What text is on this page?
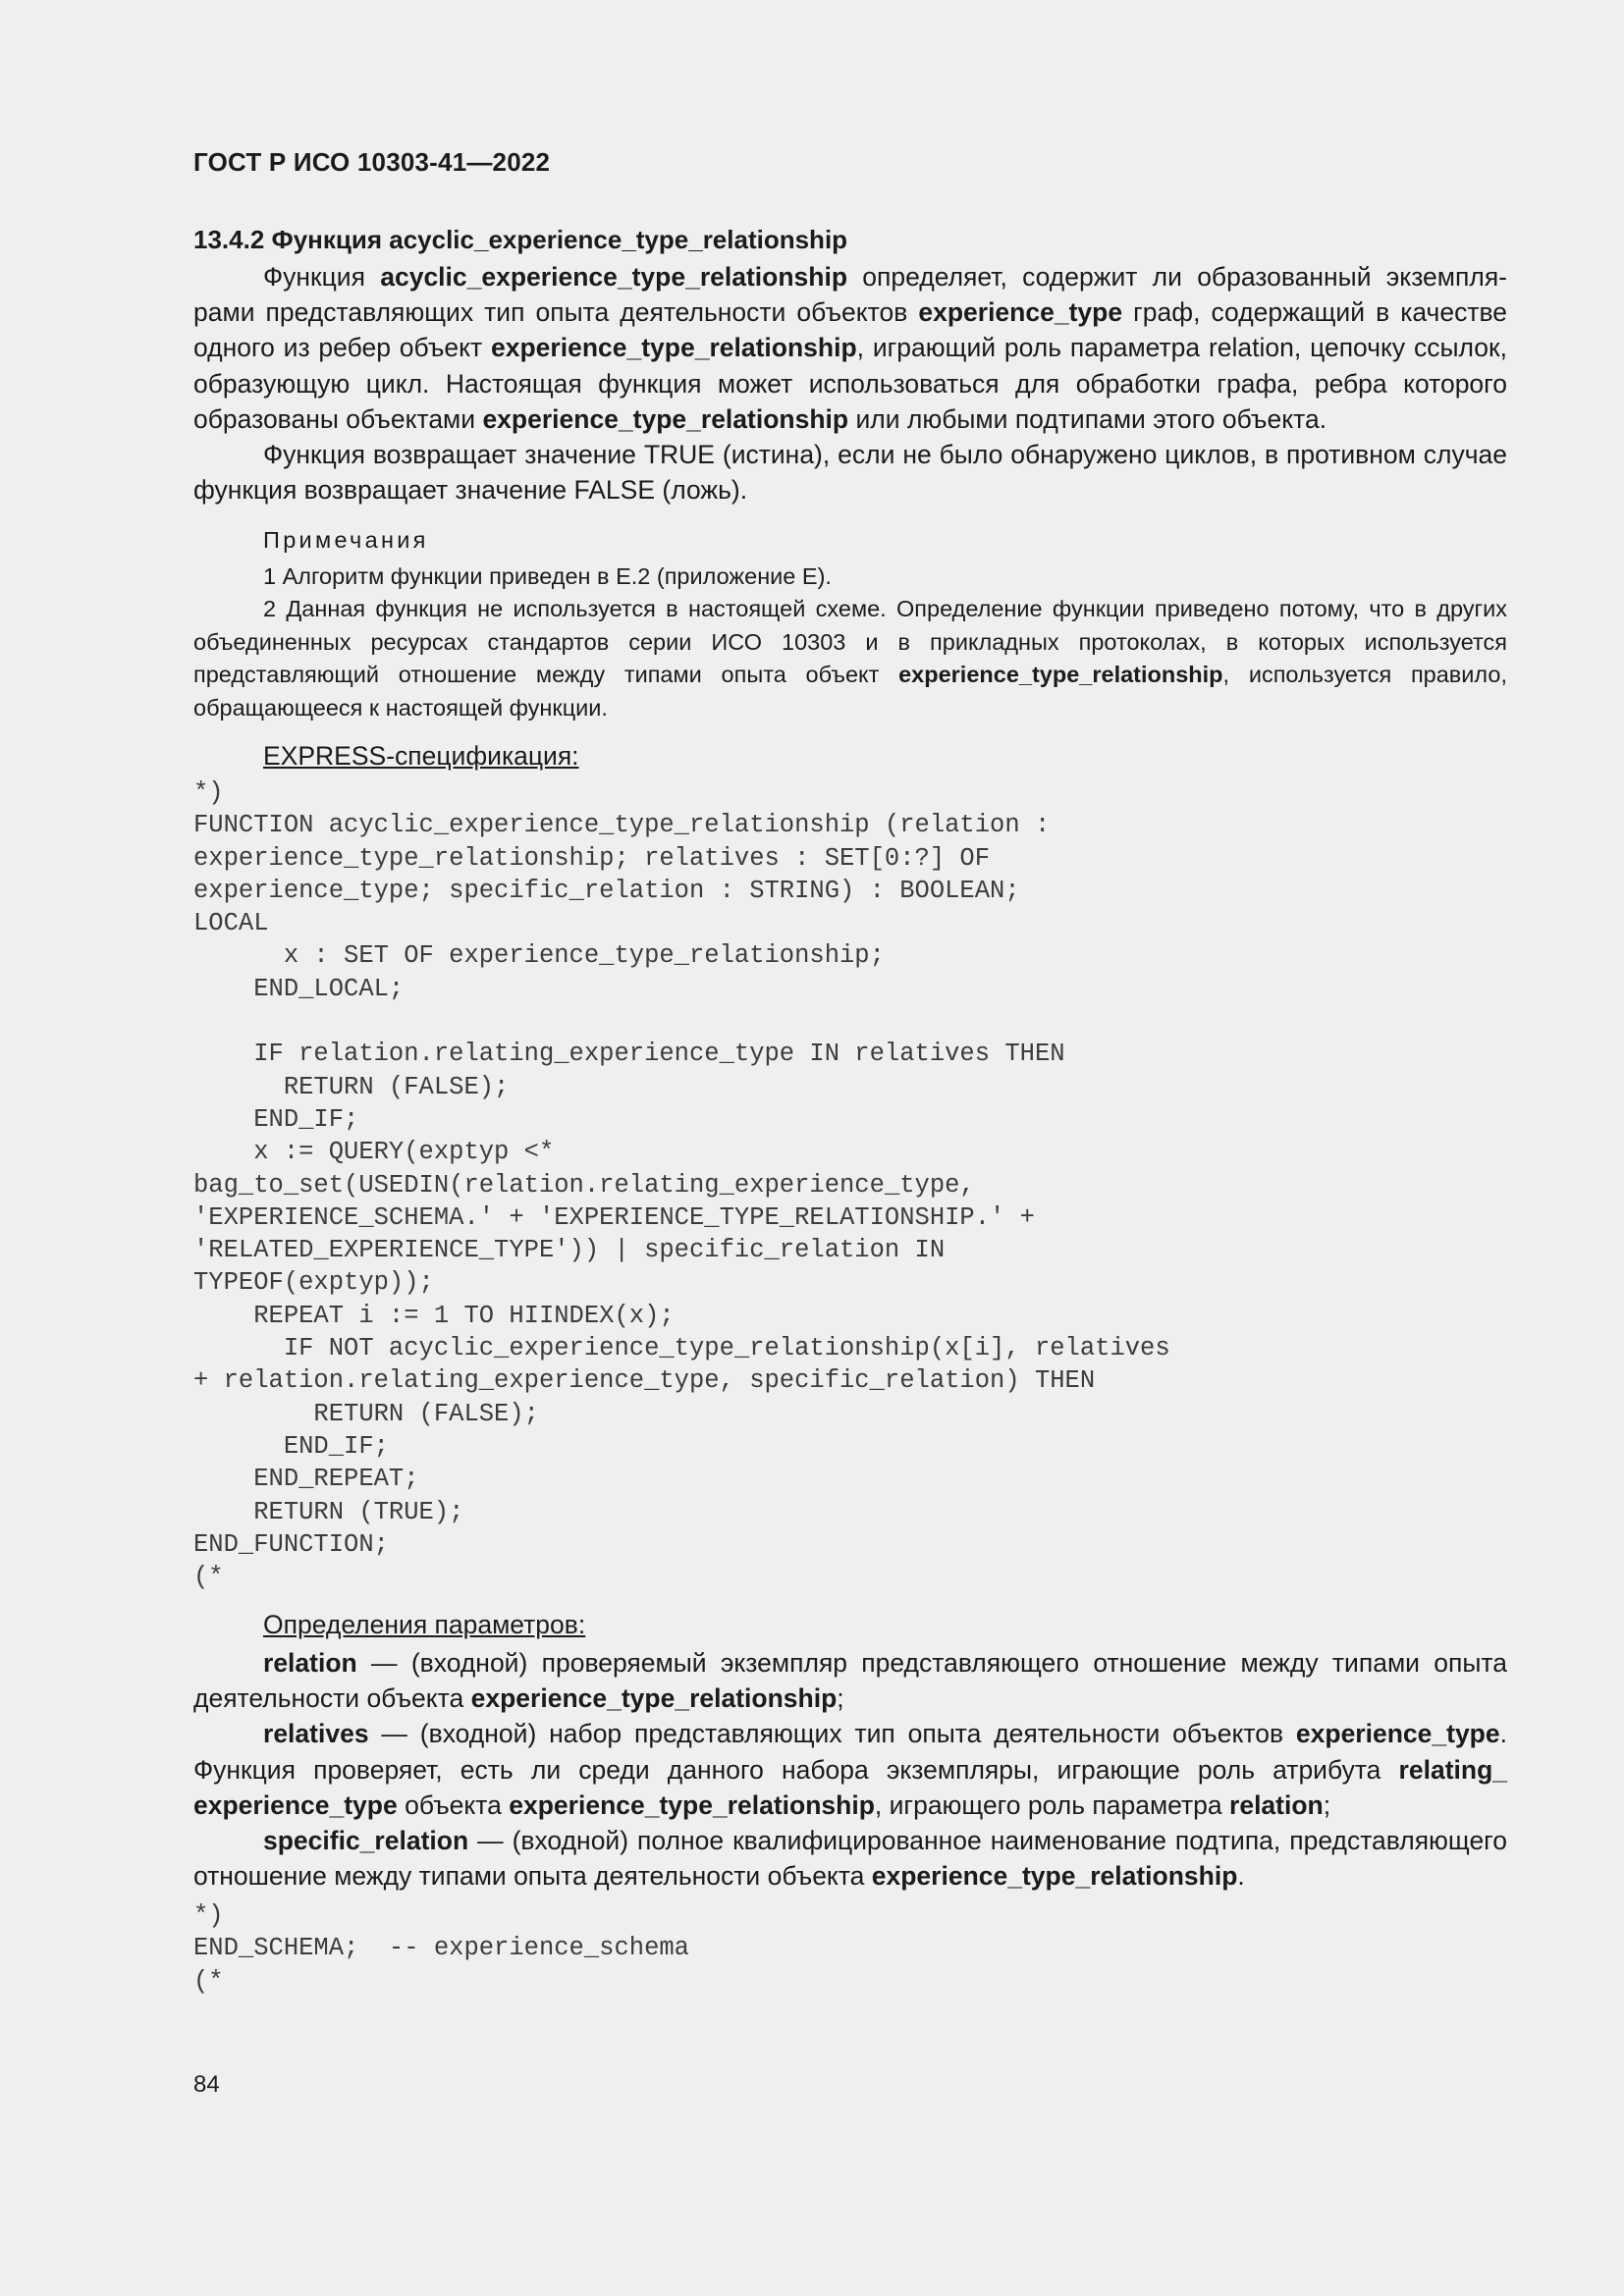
ГОСТ Р ИСО 10303-41—2022
13.4.2 Функция acyclic_experience_type_relationship

Функция acyclic_experience_type_relationship определяет, содержит ли образованный экземплярами представляющих тип опыта деятельности объектов experience_type граф, содержащий в качестве одного из ребер объект experience_type_relationship, играющий роль параметра relation, цепочку ссылок, образующую цикл. Настоящая функция может использоваться для обработки графа, ребра которого образованы объектами experience_type_relationship или любыми подтипами этого объекта.

Функция возвращает значение TRUE (истина), если не было обнаружено циклов, в противном случае функция возвращает значение FALSE (ложь).

Примечания

1 Алгоритм функции приведен в Е.2 (приложение Е).

2 Данная функция не используется в настоящей схеме. Определение функции приведено потому, что в других объединенных ресурсах стандартов серии ИСО 10303 и в прикладных протоколах, в которых используется представляющий отношение между типами опыта объект experience_type_relationship, используется правило, обращающееся к настоящей функции.

EXPRESS-спецификация:
*)
FUNCTION acyclic_experience_type_relationship (relation :
experience_type_relationship; relatives : SET[0:?] OF
experience_type; specific_relation : STRING) : BOOLEAN;
LOCAL
x : SET OF experience_type_relationship;
END_LOCAL;

IF relation.relating_experience_type IN relatives THEN
RETURN (FALSE);
END_IF;
x := QUERY(exptyp <*
bag_to_set(USEDIN(relation.relating_experience_type,
'EXPERIENCE_SCHEMA.' + 'EXPERIENCE_TYPE_RELATIONSHIP.' +
'RELATED_EXPERIENCE_TYPE')) | specific_relation IN
TYPEOF(exptyp));
REPEAT i := 1 TO HIINDEX(x);
IF NOT acyclic_experience_type_relationship(x[i], relatives
+ relation.relating_experience_type, specific_relation) THEN
RETURN (FALSE);
END_IF;
END_REPEAT;
RETURN (TRUE);
END_FUNCTION;
(*
Определения параметров:

relation — (входной) проверяемый экземпляр представляющего отношение между типами опыта деятельности объекта experience_type_relationship;

relatives — (входной) набор представляющих тип опыта деятельности объектов experience_type. Функция проверяет, есть ли среди данного набора экземпляры, играющие роль атрибута relating_ experience_type объекта experience_type_relationship, играющего роль параметра relation;

specific_relation — (входной) полное квалифицированное наименование подтипа, представляющего отношение между типами опыта деятельности объекта experience_type_relationship.

*)
END_SCHEMA;  -- experience_schema
(*
84
